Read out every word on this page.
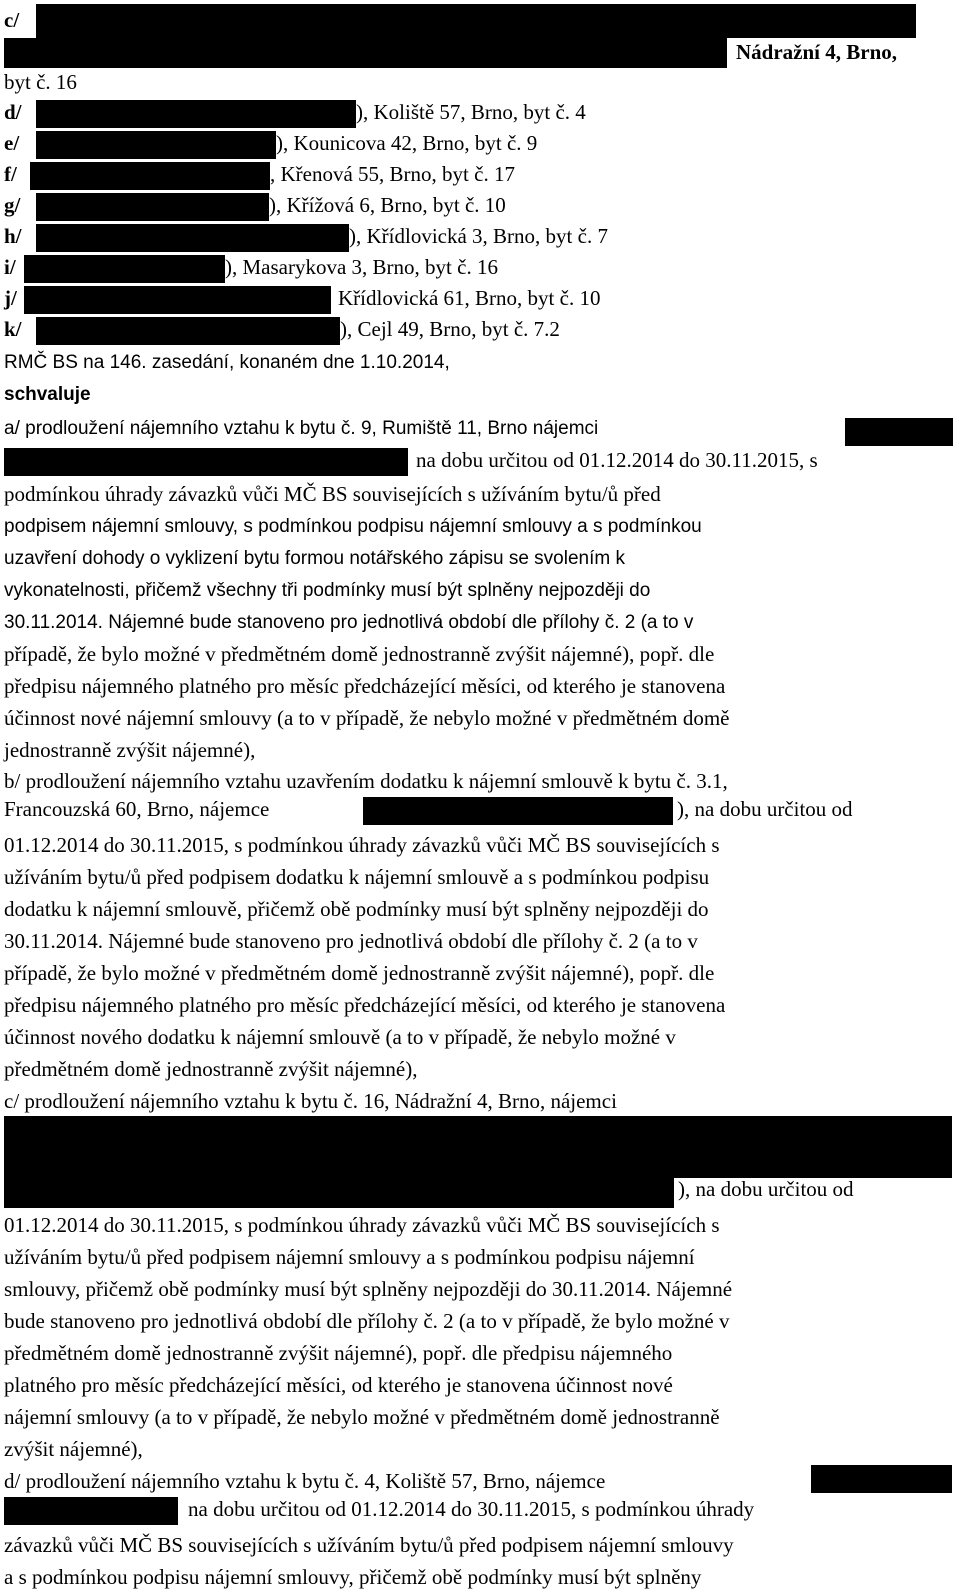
c/
Nádražní 4, Brno,
byt č. 16
d/	), Koliště 57, Brno, byt č. 4
e/	), Kounicova 42, Brno, byt č. 9
f/	, Křenová 55, Brno, byt č. 17
g/	), Křížová 6, Brno, byt č. 10
h/	), Křídlovická 3, Brno, byt č. 7
i/	), Masarykova 3, Brno, byt č. 16
j/	Křídlovická 61, Brno, byt č. 10
k/	), Cejl 49, Brno, byt č. 7.2
RMČ BS na 146. zasedání, konaném dne 1.10.2014,
schvaluje
a/ prodloužení nájemního vztahu k bytu č. 9, Rumiště 11, Brno nájemci
na dobu určitou od 01.12.2014 do 30.11.2015, s
podmínkou úhrady závazků vůči MČ BS souvisejících s užíváním bytu/ů před
podpisem nájemní smlouvy, s podmínkou podpisu nájemní smlouvy a s podmínkou
uzavření dohody o vyklizení bytu formou notářského zápisu se svolením k
vykonatelnosti, přičemž všechny tři podmínky musí být splněny nejpozději do
30.11.2014. Nájemné bude stanoveno pro jednotlivá období dle přílohy č. 2 (a to v
případě, že bylo možné v předmětném domě jednostranně zvýšit nájemné), popř. dle
předpisu nájemného platného pro měsíc předcházející měsíci, od kterého je stanovena
účinnost nové nájemní smlouvy (a to v případě, že nebylo možné v předmětném domě
jednostranně zvýšit nájemné),
b/ prodloužení nájemního vztahu uzavřením dodatku k nájemní smlouvě k bytu č. 3.1,
Francouzská 60, Brno, nájemce	), na dobu určitou od
01.12.2014 do 30.11.2015, s podmínkou úhrady závazků vůči MČ BS souvisejících s
užíváním bytu/ů před podpisem dodatku k nájemní smlouvě a s podmínkou podpisu
dodatku k nájemní smlouvě, přičemž obě podmínky musí být splněny nejpozději do
30.11.2014. Nájemné bude stanoveno pro jednotlivá období dle přílohy č. 2 (a to v
případě, že bylo možné v předmětném domě jednostranně zvýšit nájemné), popř. dle
předpisu nájemného platného pro měsíc předcházející měsíci, od kterého je stanovena
účinnost nového dodatku k nájemní smlouvě (a to v případě, že nebylo možné v
předmětném domě jednostranně zvýšit nájemné),
c/ prodloužení nájemního vztahu k bytu č. 16, Nádražní 4, Brno, nájemci
), na dobu určitou od
01.12.2014 do 30.11.2015, s podmínkou úhrady závazků vůči MČ BS souvisejících s
užíváním bytu/ů před podpisem nájemní smlouvy a s podmínkou podpisu nájemní
smlouvy, přičemž obě podmínky musí být splněny nejpozději do 30.11.2014. Nájemné
bude stanoveno pro jednotlivá období dle přílohy č. 2 (a to v případě, že bylo možné v
předmětném domě jednostranně zvýšit nájemné), popř. dle předpisu nájemného
platného pro měsíc předcházející měsíci, od kterého je stanovena účinnost nové
nájemní smlouvy (a to v případě, že nebylo možné v předmětném domě jednostranně
zvýšit nájemné),
d/ prodloužení nájemního vztahu k bytu č. 4, Koliště 57, Brno, nájemce
na dobu určitou od 01.12.2014 do 30.11.2015, s podmínkou úhrady
závazků vůči MČ BS souvisejících s užíváním bytu/ů před podpisem nájemní smlouvy
a s podmínkou podpisu nájemní smlouvy, přičemž obě podmínky musí být splněny
